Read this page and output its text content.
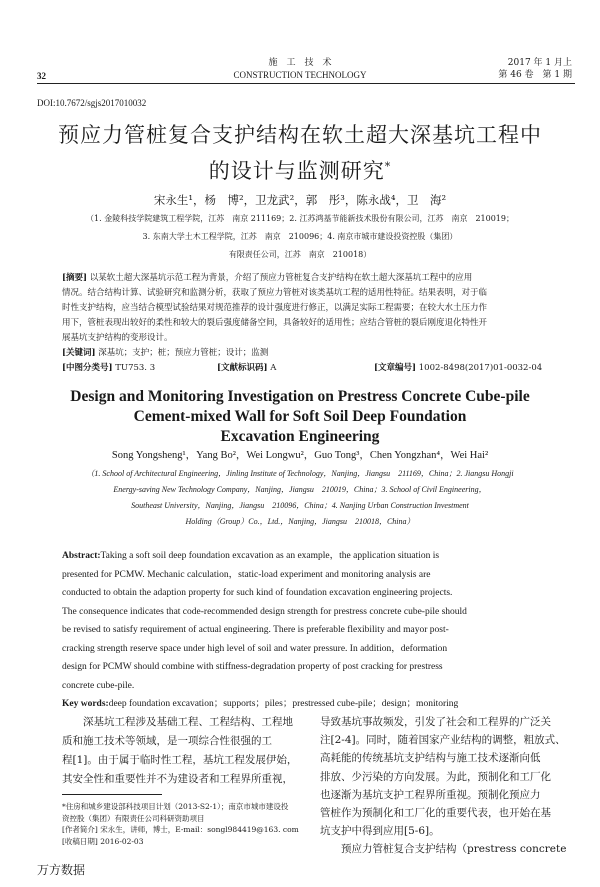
32
施　工　技　术
CONSTRUCTION TECHNOLOGY
2017 年 1 月上
第 46 卷　第 1 期
DOI:10.7672/sgjs2017010032
预应力管桩复合支护结构在软土超大深基坑工程中
的设计与监测研究*
宋永生¹，杨　博²，卫龙武²，郭　彤³，陈永战⁴，卫　海²
（1. 金陵科技学院建筑工程学院，江苏　南京 211169；2. 江苏鸿基节能新技术股份有限公司，江苏　南京　210019；
3. 东南大学土木工程学院，江苏　南京　210096；4. 南京市城市建设投资控股（集团）
有限责任公司，江苏　南京　210018）
[摘要] 以某软土超大深基坑示范工程为背景，介绍了预应力管桩复合支护结构在软土超大深基坑工程中的应用
情况。结合结构计算、试验研究和监测分析，获取了预应力管桩对该类基坑工程的适用性特征。结果表明，对于临
时性支护结构，应当结合模型试验结果对规范推荐的设计强度进行修正，以满足实际工程需要；在较大水土压力作
用下，管桩表现出较好的柔性和较大的裂后强度储备空间，具备较好的适用性；应结合管桩的裂后刚度退化特性开
展基坑支护结构的变形设计。
[关键词] 深基坑；支护；桩；预应力管桩；设计；监测
[中图分类号] TU753. 3	[文献标识码] A	[文章编号] 1002-8498(2017)01-0032-04
Design and Monitoring Investigation on Prestress Concrete Cube-pile
Cement-mixed Wall for Soft Soil Deep Foundation
Excavation Engineering
Song Yongsheng¹，Yang Bo²，Wei Longwu²，Guo Tong³，Chen Yongzhan⁴，Wei Hai²
（1. School of Architectural Engineering，Jinling Institute of Technology，Nanjing，Jiangsu　211169，China；2. Jiangsu Hongji
Energy-saving New Technology Company，Nanjing，Jiangsu　210019，China；3. School of Civil Engineering，
Southeast University，Nanjing，Jiangsu　210096，China；4. Nanjing Urban Construction Investment
Holding（Group）Co.，Ltd.，Nanjing，Jiangsu　210018，China）
Abstract:Taking a soft soil deep foundation excavation as an example，the application situation is
presented for PCMW. Mechanic calculation，static-load experiment and monitoring analysis are
conducted to obtain the adaption property for such kind of foundation excavation engineering projects.
The consequence indicates that code-recommended design strength for prestress concrete cube-pile should
be revised to satisfy requirement of actual engineering. There is preferable flexibility and mayor post-
cracking strength reserve space under high level of soil and water pressure. In addition，deformation
design for PCMW should combine with stiffness-degradation property of post cracking for prestress
concrete cube-pile.
Key words:deep foundation excavation；supports；piles；prestressed cube-pile；design；monitoring
深基坑工程涉及基础工程、工程结构、工程地
质和施工技术等领域，是一项综合性很强的工
程[1]。由于属于临时性工程，基坑工程发展伊始，
其安全性和重要性并不为建设者和工程界所重视，
*住房和城乡建设部科技项目计划（2013-S2-1）；南京市城市建设投
资控股（集团）有限责任公司科研资助项目
[作者简介] 宋永生，讲师，博士，E-mail：songl984419@163. com
[收稿日期] 2016-02-03
导致基坑事故频发，引发了社会和工程界的广泛关
注[2-4]。同时，随着国家产业结构的调整，粗放式、
高耗能的传统基坑支护结构与施工技术逐渐向低
排放、少污染的方向发展。为此，预制化和工厂化
也逐渐为基坑支护工程界所重视。预制化预应力
管桩作为预制化和工厂化的重要代表，也开始在基
坑支护中得到应用[5-6]。
预应力管桩复合支护结构（prestress concrete
万方数据
